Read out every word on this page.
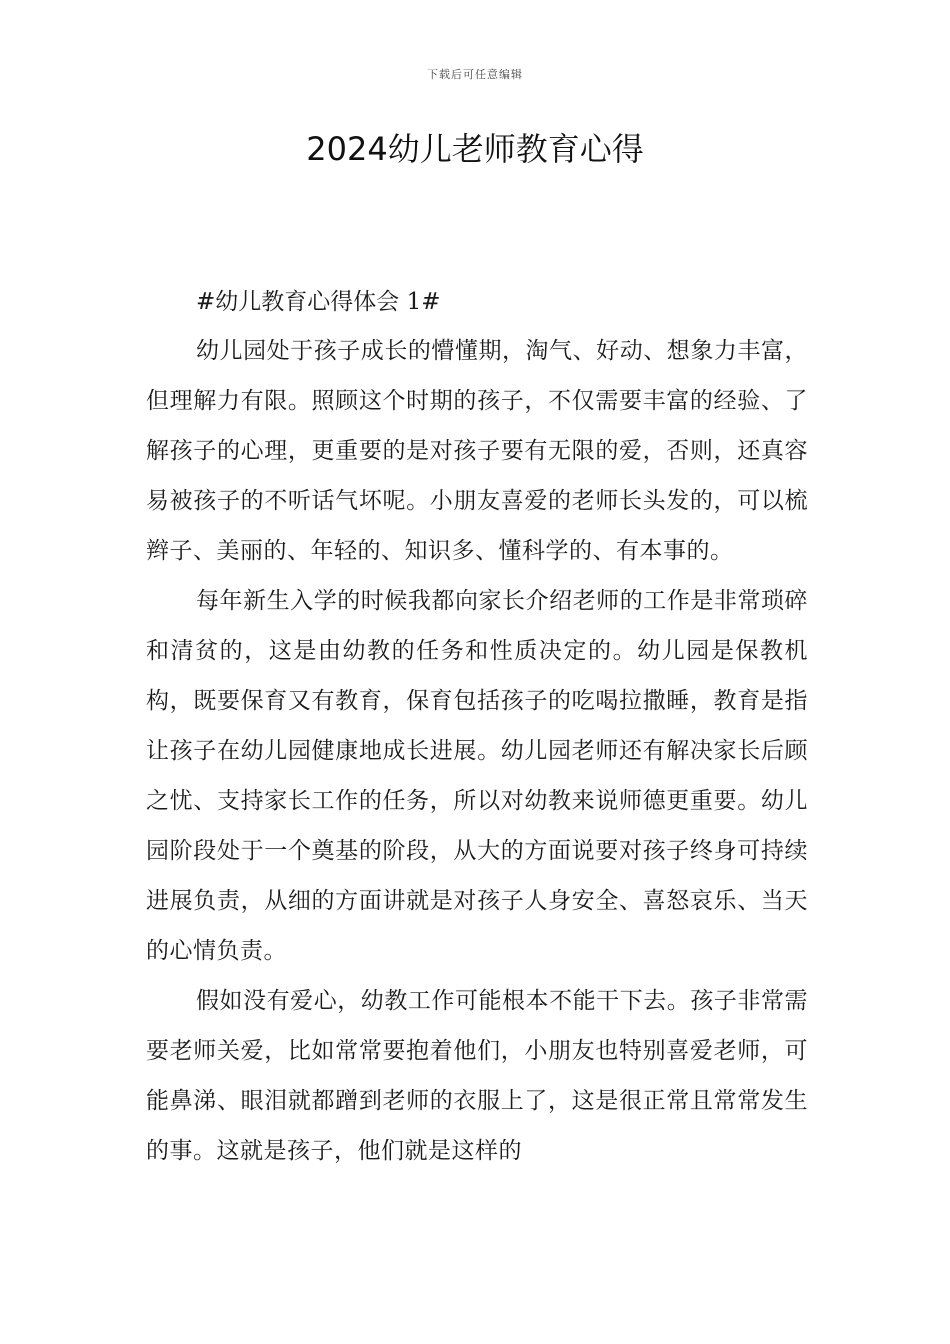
下载后可任意编辑
2024幼儿老师教育心得

#幼儿教育心得体会 1#

幼儿园处于孩子成长的懵懂期，淘气、好动、想象力丰富，但理解力有限。照顾这个时期的孩子，不仅需要丰富的经验、了解孩子的心理，更重要的是对孩子要有无限的爱，否则，还真容易被孩子的不听话气坏呢。小朋友喜爱的老师长头发的，可以梳辫子、美丽的、年轻的、知识多、懂科学的、有本事的。

每年新生入学的时候我都向家长介绍老师的工作是非常琐碎和清贫的，这是由幼教的任务和性质决定的。幼儿园是保教机构，既要保育又有教育，保育包括孩子的吃喝拉撒睡，教育是指让孩子在幼儿园健康地成长进展。幼儿园老师还有解决家长后顾之忧、支持家长工作的任务，所以对幼教来说师德更重要。幼儿园阶段处于一个奠基的阶段，从大的方面说要对孩子终身可持续进展负责，从细的方面讲就是对孩子人身安全、喜怒哀乐、当天的心情负责。

假如没有爱心，幼教工作可能根本不能干下去。孩子非常需要老师关爱，比如常常要抱着他们，小朋友也特别喜爱老师，可能鼻涕、眼泪就都蹭到老师的衣服上了，这是很正常且常常发生的事。这就是孩子，他们就是这样的
